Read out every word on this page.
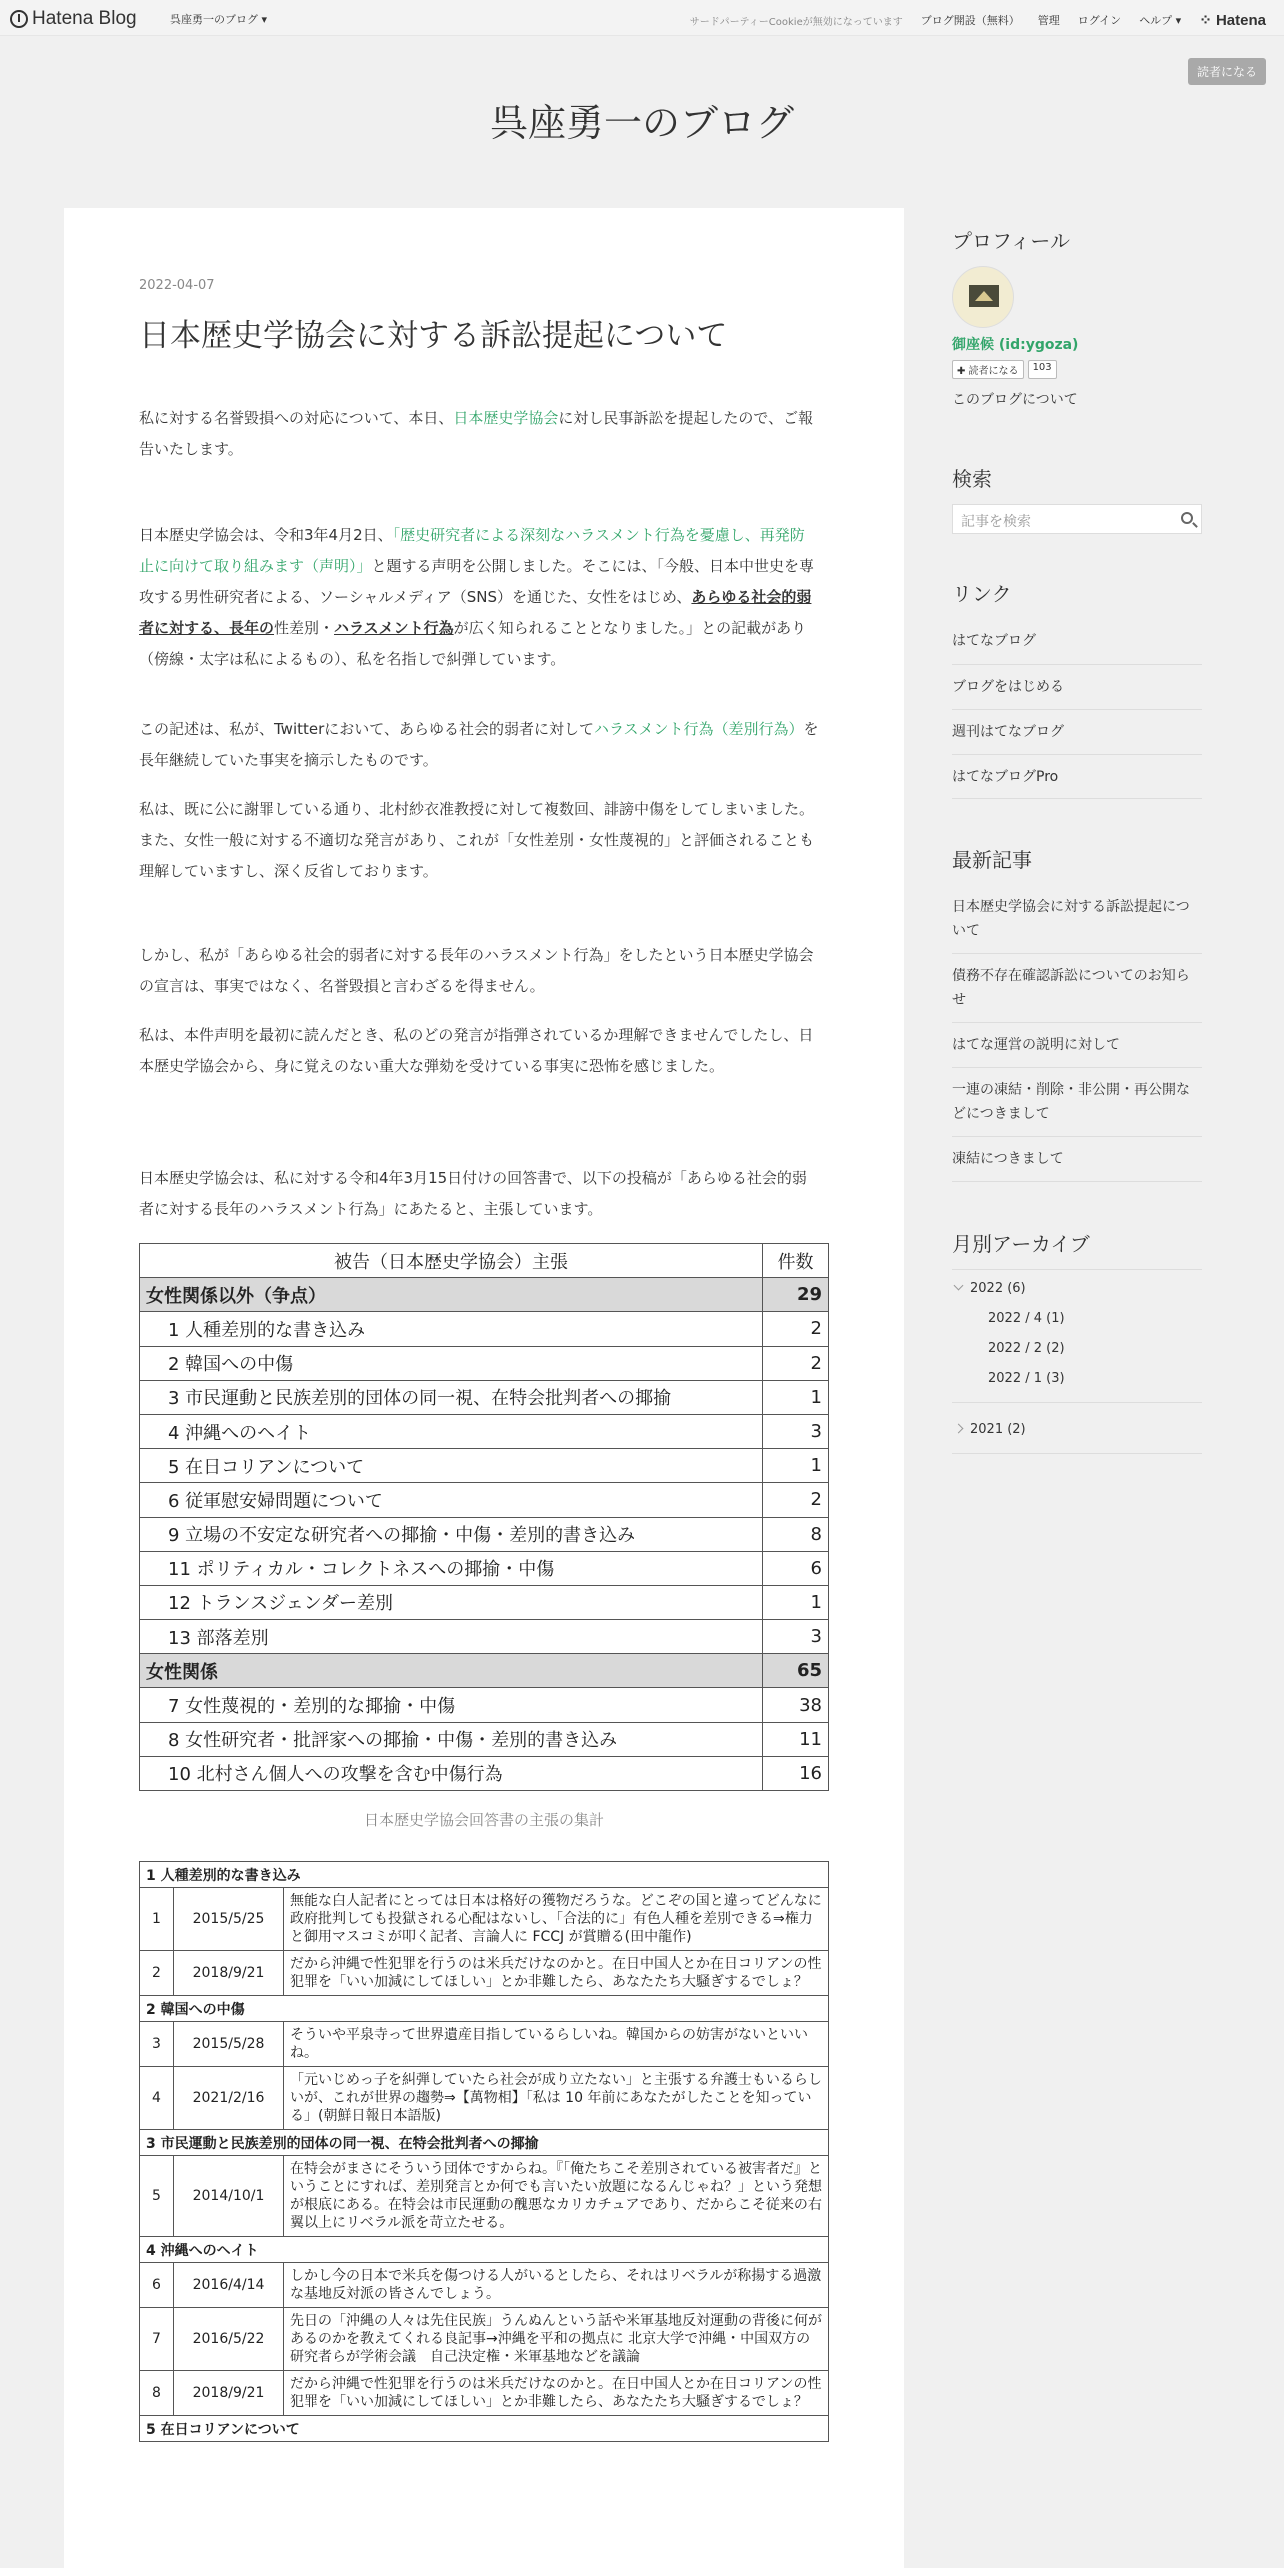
Hatena Blog	呉座勇一のブログ ▾	サードパーティーCookieが無効になっています ブログ開設（無料） 管理 ログイン ヘルプ ▾ ⁘ Hatena
読者になる
呉座勇一のブログ
2022-04-07
日本歴史学協会に対する訴訟提起について

私に対する名誉毀損への対応について、本日、日本歴史学協会に対し民事訴訟を提起したので、ご報告いたします。

日本歴史学協会は、令和3年4月2日、「歴史研究者による深刻なハラスメント行為を憂慮し、再発防止に向けて取り組みます（声明）」と題する声明を公開しました。そこには、「今般、日本中世史を専攻する男性研究者による、ソーシャルメディア（SNS）を通じた、女性をはじめ、あらゆる社会的弱者に対する、長年の性差別・ハラスメント行為が広く知られることとなりました。」との記載があり（傍線・太字は私によるもの）、私を名指しで糾弾しています。

この記述は、私が、Twitterにおいて、あらゆる社会的弱者に対してハラスメント行為（差別行為）を長年継続していた事実を摘示したものです。

私は、既に公に謝罪している通り、北村紗衣准教授に対して複数回、誹謗中傷をしてしまいました。また、女性一般に対する不適切な発言があり、これが「女性差別・女性蔑視的」と評価されることも理解していますし、深く反省しております。

しかし、私が「あらゆる社会的弱者に対する長年のハラスメント行為」をしたという日本歴史学協会の宣言は、事実ではなく、名誉毀損と言わざるを得ません。

私は、本件声明を最初に読んだとき、私のどの発言が指弾されているか理解できませんでしたし、日本歴史学協会から、身に覚えのない重大な弾劾を受けている事実に恐怖を感じました。

日本歴史学協会は、私に対する令和4年3月15日付けの回答書で、以下の投稿が「あらゆる社会的弱者に対する長年のハラスメント行為」にあたると、主張しています。

被告（日本歴史学協会）主張	件数
女性関係以外（争点）	29
1 人種差別的な書き込み	2
2 韓国への中傷	2
3 市民運動と民族差別的団体の同一視、在特会批判者への揶揄	1
4 沖縄へのヘイト	3
5 在日コリアンについて	1
6 従軍慰安婦問題について	2
9 立場の不安定な研究者への揶揄・中傷・差別的書き込み	8
11 ポリティカル・コレクトネスへの揶揄・中傷	6
12 トランスジェンダー差別	1
13 部落差別	3
女性関係	65
7 女性蔑視的・差別的な揶揄・中傷	38
8 女性研究者・批評家への揶揄・中傷・差別的書き込み	11
10 北村さん個人への攻撃を含む中傷行為	16
日本歴史学協会回答書の主張の集計
1 人種差別的な書き込み		
1	2015/5/25	無能な白人記者にとっては日本は格好の獲物だろうな。どこぞの国と違ってどんなに政府批判しても投獄される心配はないし、「合法的に」有色人種を差別できる⇒権力と御用マスコミが叩く記者、言論人に FCCJ が賞贈る(田中龍作)
2	2018/9/21	だから沖縄で性犯罪を行うのは米兵だけなのかと。在日中国人とか在日コリアンの性犯罪を「いい加減にしてほしい」とか非難したら、あなたたち大騒ぎするでしょ？
2 韓国への中傷		
3	2015/5/28	そういや平泉寺って世界遺産目指しているらしいね。韓国からの妨害がないといいね。
4	2021/2/16	「元いじめっ子を糾弾していたら社会が成り立たない」と主張する弁護士もいるらしいが、これが世界の趨勢⇒【萬物相】「私は 10 年前にあなたがしたことを知っている」(朝鮮日報日本語版)
3 市民運動と民族差別的団体の同一視、在特会批判者への揶揄		
5	2014/10/1	在特会がまさにそういう団体ですからね。『「俺たちこそ差別されている被害者だ』ということにすれば、差別発言とか何でも言いたい放題になるんじゃね？」という発想が根底にある。在特会は市民運動の醜悪なカリカチュアであり、だからこそ従来の右翼以上にリベラル派を苛立たせる。
4 沖縄へのヘイト		
6	2016/4/14	しかし今の日本で米兵を傷つける人がいるとしたら、それはリベラルが称揚する過激な基地反対派の皆さんでしょう。
7	2016/5/22	先日の「沖縄の人々は先住民族」うんぬんという話や米軍基地反対運動の背後に何があるのかを教えてくれる良記事→沖縄を平和の拠点に 北京大学で沖縄・中国双方の研究者らが学術会議　自己決定権・米軍基地などを議論
8	2018/9/21	だから沖縄で性犯罪を行うのは米兵だけなのかと。在日中国人とか在日コリアンの性犯罪を「いい加減にしてほしい」とか非難したら、あなたたち大騒ぎするでしょ？
5 在日コリアンについて		
プロフィール
御座候 (id:ygoza)
✚ 読者になる	103
このブログについて
検索
記事を検索
リンク
はてなブログ
ブログをはじめる
週刊はてなブログ
はてなブログPro
最新記事
日本歴史学協会に対する訴訟提起について
債務不存在確認訴訟についてのお知らせ
はてな運営の説明に対して
一連の凍結・削除・非公開・再公開などにつきまして
凍結につきまして
月別アーカイブ
2022 (6)
2022 / 4 (1)
2022 / 2 (2)
2022 / 1 (3)
2021 (2)
